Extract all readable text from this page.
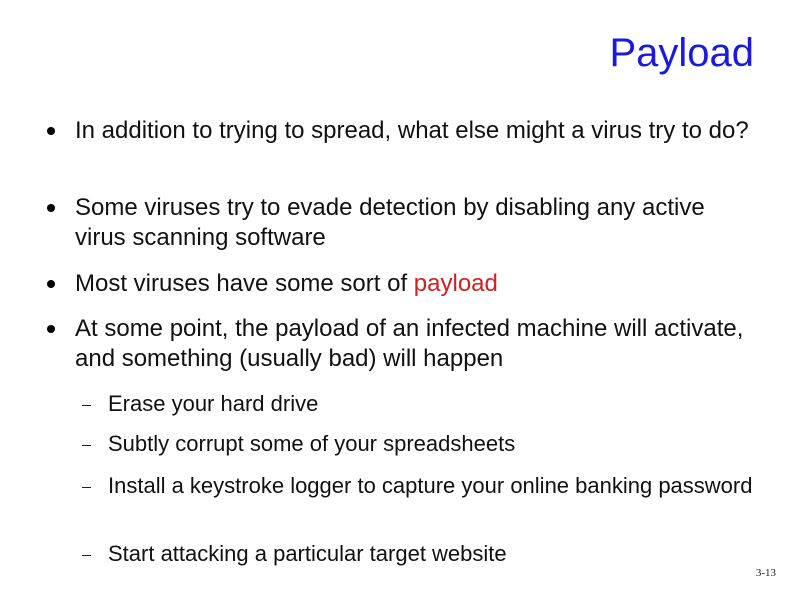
Payload
In addition to trying to spread, what else might a virus try to do?
Some viruses try to evade detection by disabling any active virus scanning software
Most viruses have some sort of payload
At some point, the payload of an infected machine will activate, and something (usually bad) will happen
Erase your hard drive
Subtly corrupt some of your spreadsheets
Install a keystroke logger to capture your online banking password
Start attacking a particular target website
3-13
